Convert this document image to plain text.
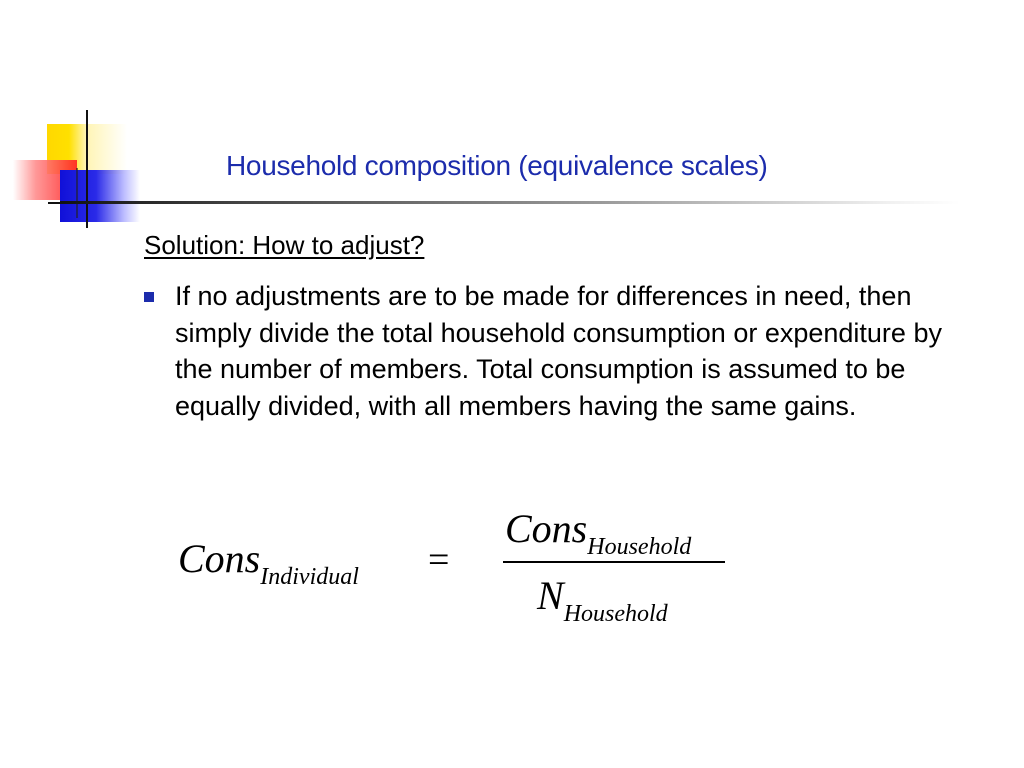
Household composition (equivalence scales)
Solution: How to adjust?
If no adjustments are to be made for differences in need, then simply divide the total household consumption or expenditure by the number of members. Total consumption is assumed to be equally divided, with all members having the same gains.
ConsIndividual =
ConsHousehold
NHousehold
